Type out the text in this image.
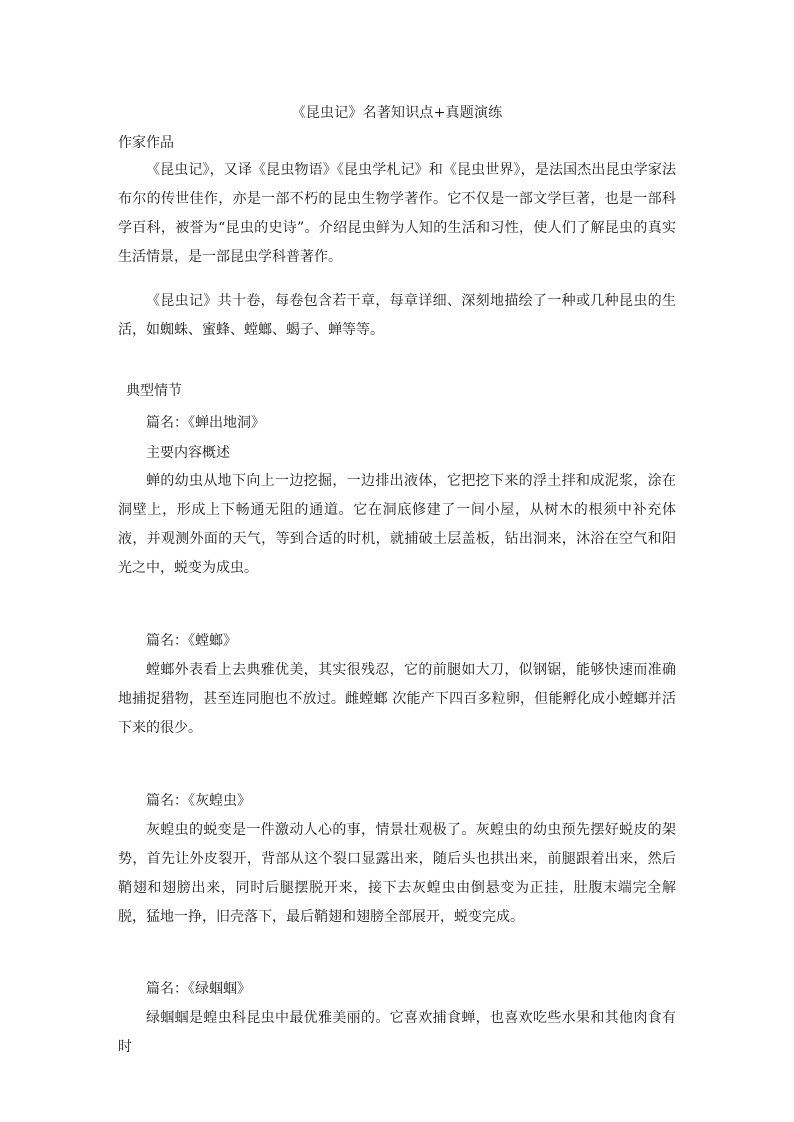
《昆虫记》名著知识点+真题演练
作家作品

《昆虫记》，又译《昆虫物语》《昆虫学札记》和《昆虫世界》，是法国杰出昆虫学家法布尔的传世佳作，亦是一部不朽的昆虫生物学著作。它不仅是一部文学巨著，也是一部科学百科，被誉为“昆虫的史诗”。介绍昆虫鲜为人知的生活和习性，使人们了解昆虫的真实生活情景，是一部昆虫学科普著作。

《昆虫记》共十卷，每卷包含若干章，每章详细、深刻地描绘了一种或几种昆虫的生活，如蜘蛛、蜜蜂、螳螂、蝎子、蝉等等。

典型情节
篇名：《蝉出地洞》
主要内容概述

蝉的幼虫从地下向上一边挖掘，一边排出液体，它把挖下来的浮土拌和成泥浆，涂在洞壁上，形成上下畅通无阻的通道。它在洞底修建了一间小屋，从树木的根须中补充体液，并观测外面的天气，等到合适的时机，就捕破土层盖板，钻出洞来，沐浴在空气和阳光之中，蜕变为成虫。

篇名：《螳螂》

螳螂外表看上去典雅优美，其实很残忍，它的前腿如大刀，似钢锯，能够快速而准确地捕捉猎物，甚至连同胞也不放过。雌螳螂 次能产下四百多粒卵，但能孵化成小螳螂并活下来的很少。

篇名：《灰蝗虫》

灰蝗虫的蜕变是一件激动人心的事，情景壮观极了。灰蝗虫的幼虫预先摆好蜕皮的架势，首先让外皮裂开，背部从这个裂口显露出来，随后头也拱出来，前腿跟着出来，然后鞘翅和翅膀出来，同时后腿摆脱开来，接下去灰蝗虫由倒悬变为正挂，肚腹末端完全解脱，猛地一挣，旧壳落下，最后鞘翅和翅膀全部展开，蜕变完成。

篇名：《绿蝈蝈》

绿蝈蝈是蝗虫科昆虫中最优雅美丽的。它喜欢捕食蝉，也喜欢吃些水果和其他肉食有时
